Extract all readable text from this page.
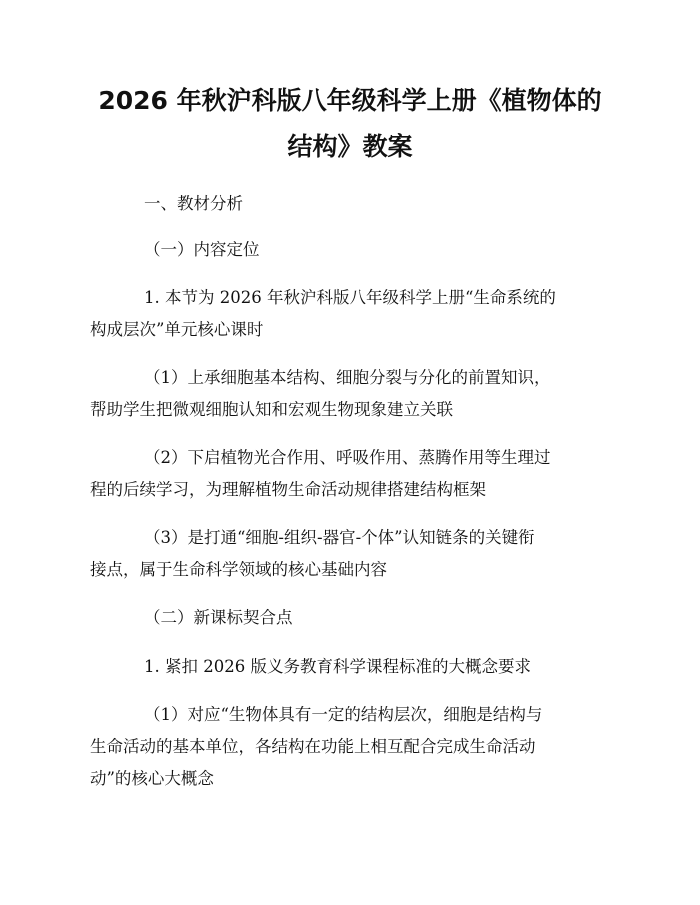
2026 年秋沪科版八年级科学上册《植物体的
结构》教案

一、教材分析

（一）内容定位

1. 本节为 2026 年秋沪科版八年级科学上册“生命系统的

构成层次”单元核心课时

（1）上承细胞基本结构、细胞分裂与分化的前置知识，

帮助学生把微观细胞认知和宏观生物现象建立关联

（2）下启植物光合作用、呼吸作用、蒸腾作用等生理过

程的后续学习，为理解植物生命活动规律搭建结构框架

（3）是打通“细胞-组织-器官-个体”认知链条的关键衔

接点，属于生命科学领域的核心基础内容

（二）新课标契合点

1. 紧扣 2026 版义务教育科学课程标准的大概念要求

（1）对应“生物体具有一定的结构层次，细胞是结构与

生命活动的基本单位，各结构在功能上相互配合完成生命活动

动”的核心大概念
